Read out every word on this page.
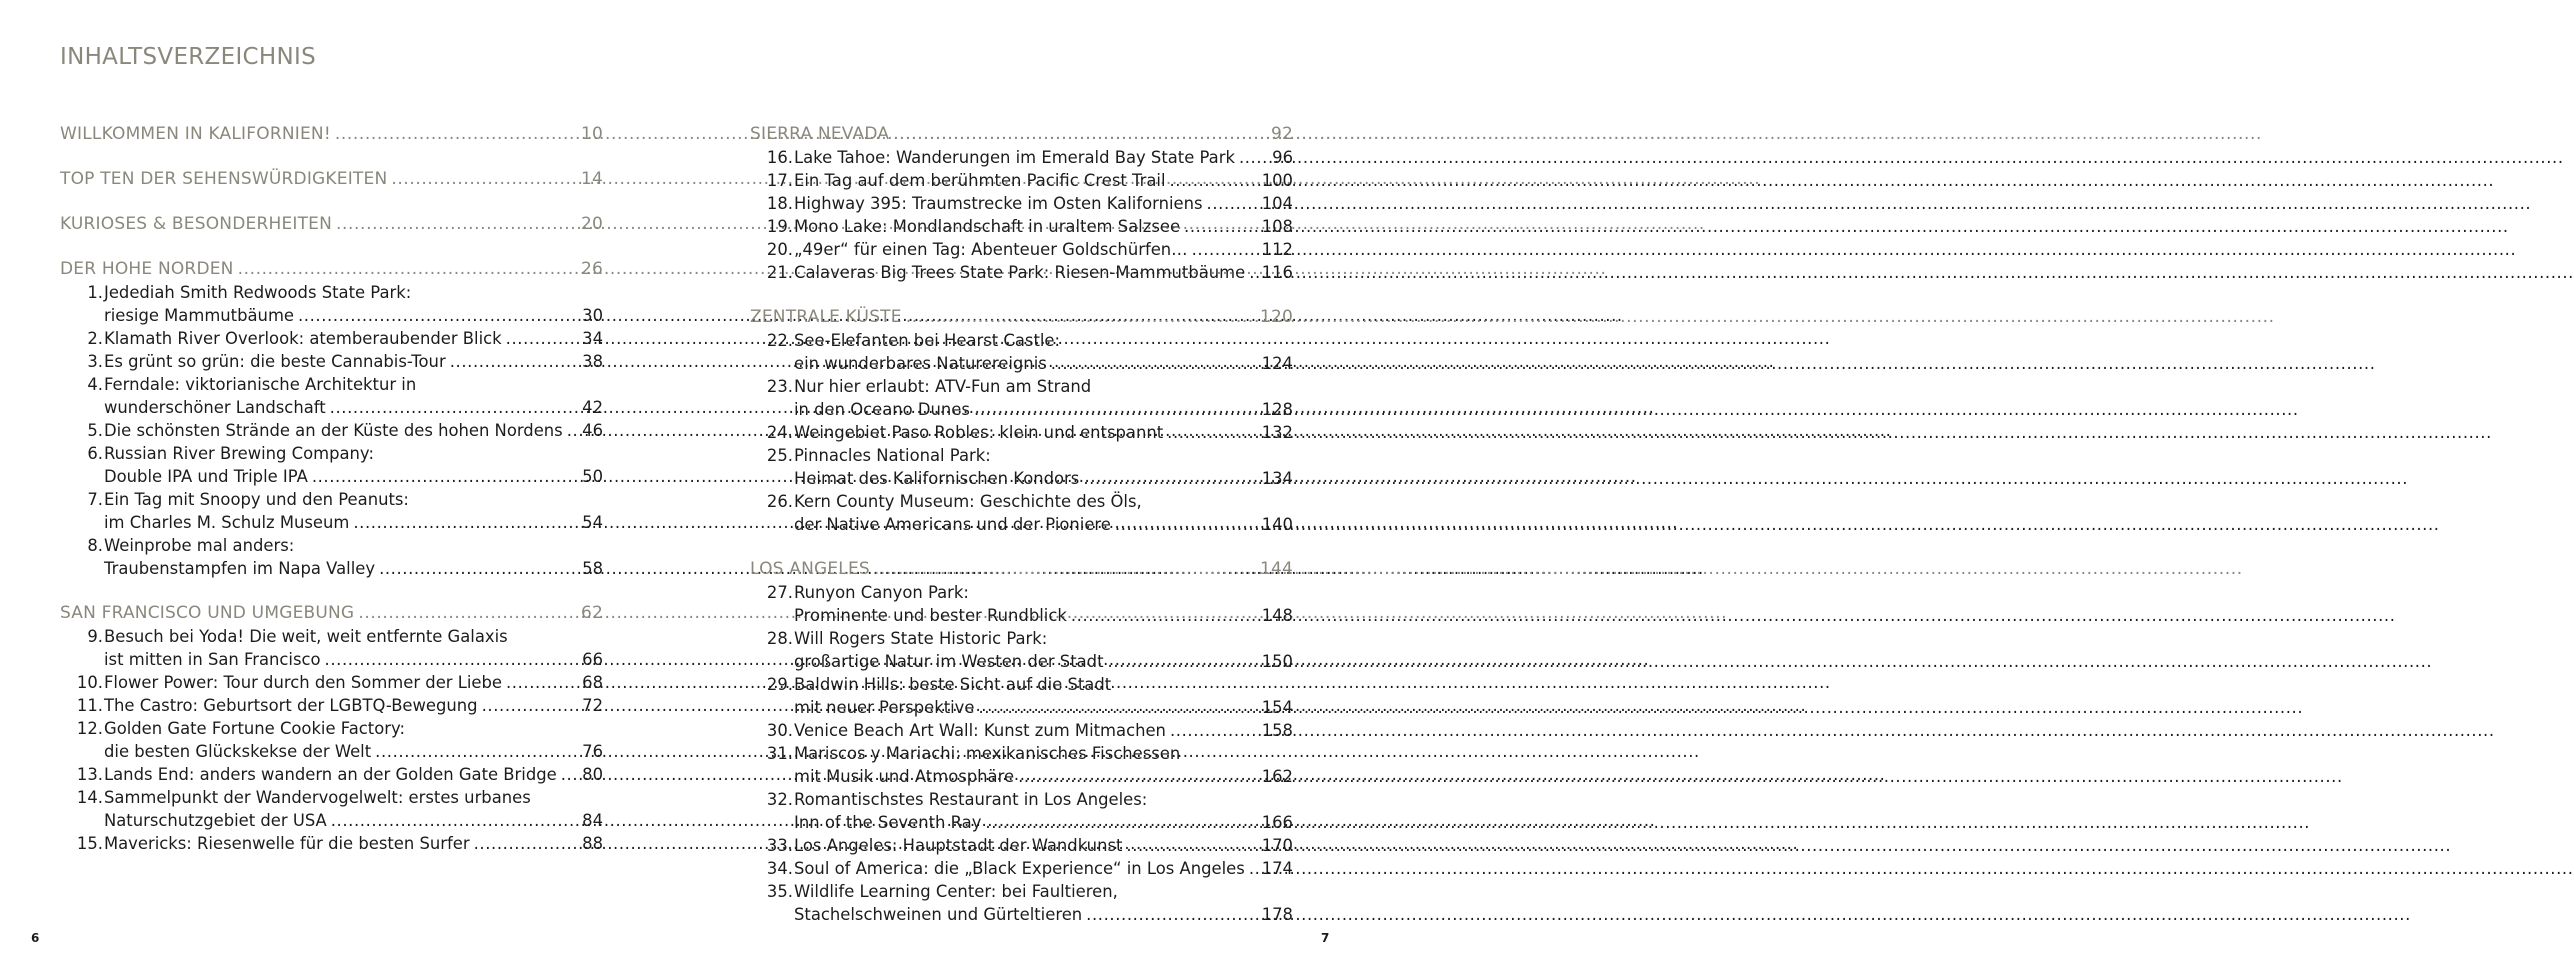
INHALTSVERZEICHNIS
WILLKOMMEN IN KALIFORNIEN! .....	10
TOP TEN DER SEHENSWÜRDIGKEITEN .....	14
KURIOSES & BESONDERHEITEN .....	20
DER HOHE NORDEN .....	26
1. Jedediah Smith Redwoods State Park:
riesige Mammutbäume .....	30
2. Klamath River Overlook: atemberaubender Blick .....	34
3. Es grünt so grün: die beste Cannabis-Tour .....	38
4. Ferndale: viktorianische Architektur in
wunderschöner Landschaft .....	42
5. Die schönsten Strände an der Küste des hohen Nordens ..... 46
6. Russian River Brewing Company:
Double IPA und Triple IPA .....	50
7. Ein Tag mit Snoopy und den Peanuts:
im Charles M. Schulz Museum .....	54
8. Weinprobe mal anders:
Traubenstampfen im Napa Valley .....	58
SAN FRANCISCO UND UMGEBUNG .....	62
9. Besuch bei Yoda! Die weit, weit entfernte Galaxis
ist mitten in San Francisco .....	66
10. Flower Power: Tour durch den Sommer der Liebe .....	68
11. The Castro: Geburtsort der LGBTQ-Bewegung .....	72
12. Golden Gate Fortune Cookie Factory:
die besten Glückskekse der Welt .....	76
13. Lands End: anders wandern an der Golden Gate Bridge ..... 80
14. Sammelpunkt der Wandervogelwelt: erstes urbanes
Naturschutzgebiet der USA .....	84
15. Mavericks: Riesenwelle für die besten Surfer .....	88
SIERRA NEVADA .....	92
16. Lake Tahoe: Wanderungen im Emerald Bay State Park ..... 96
17. Ein Tag auf dem berühmten Pacific Crest Trail .....	100
18. Highway 395: Traumstrecke im Osten Kaliforniens .....	104
19. Mono Lake: Mondlandschaft in uraltem Salzsee .....	108
20. „49er“ für einen Tag: Abenteuer Goldschürfen… .....	112
21. Calaveras Big Trees State Park: Riesen-Mammutbäume ..... 116
ZENTRALE KÜSTE .....	120
22. See-Elefanten bei Hearst Castle:
ein wunderbares Naturereignis .....	124
23. Nur hier erlaubt: ATV-Fun am Strand
in den Oceano Dunes .....	128
24. Weingebiet Paso Robles: klein und entspannt .....	132
25. Pinnacles National Park:
Heimat des Kalifornischen Kondors .....	134
26. Kern County Museum: Geschichte des Öls,
der Native Americans und der Pioniere .....	140
LOS ANGELES .....	144
27. Runyon Canyon Park:
Prominente und bester Rundblick .....	148
28. Will Rogers State Historic Park:
großartige Natur im Westen der Stadt .....	150
29. Baldwin Hills: beste Sicht auf die Stadt
mit neuer Perspektive .....	154
30. Venice Beach Art Wall: Kunst zum Mitmachen .....	158
31. Mariscos y Mariachi: mexikanisches Fischessen
mit Musik und Atmosphäre .....	162
32. Romantischstes Restaurant in Los Angeles:
Inn of the Seventh Ray .....	166
33. Los Angeles: Hauptstadt der Wandkunst .....	170
34. Soul of America: die „Black Experience“ in Los Angeles ..... 174
35. Wildlife Learning Center: bei Faultieren,
Stachelschweinen und Gürteltieren .....	178
6	7
